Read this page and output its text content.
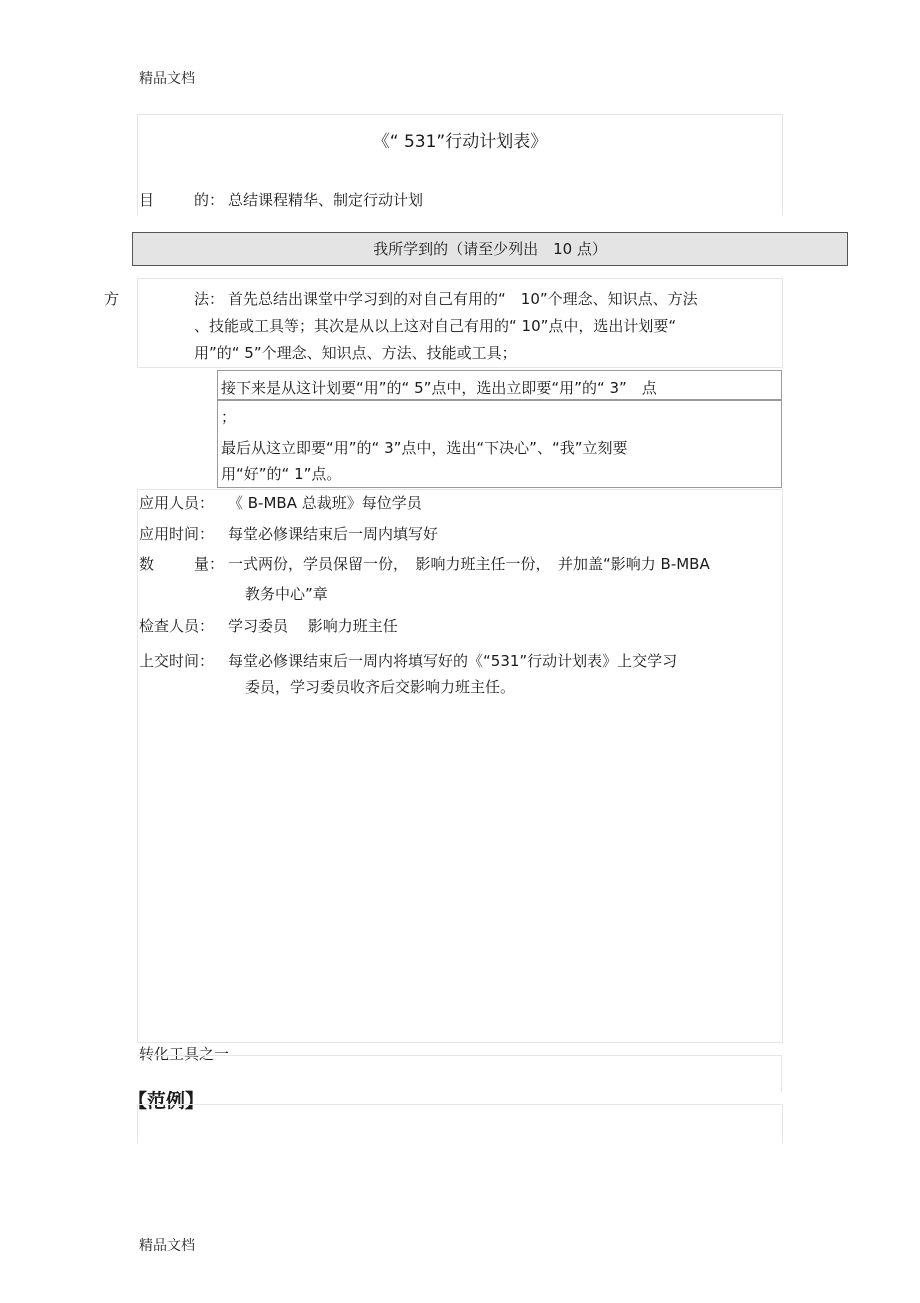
精品文档
《“ 531”行动计划表》
目	的： 总结课程精华、制定行动计划
我所学到的（请至少列出　10 点）
方	法： 首先总结出课堂中学习到的对自己有用的“　10”个理念、知识点、方法
、技能或工具等；其次是从以上这对自己有用的“ 10”点中，选出计划要“
用”的“ 5”个理念、知识点、方法、技能或工具；
接下来是从这计划要“用”的“ 5”点中，选出立即要“用”的“ 3”　点
；
最后从这立即要“用”的“ 3”点中，选出“下决心”、“我”立刻要
用“好”的“ 1”点。
应用人员： 《 B-MBA 总裁班》每位学员
应用时间： 每堂必修课结束后一周内填写好
数	量： 一式两份，学员保留一份，　影响力班主任一份，　并加盖“影响力 B-MBA
教务中心”章
检查人员： 学习委员　 影响力班主任
上交时间： 每堂必修课结束后一周内将填写好的《“531”行动计划表》上交学习
委员，学习委员收齐后交影响力班主任。
转化工具之一
【范例】
精品文档
